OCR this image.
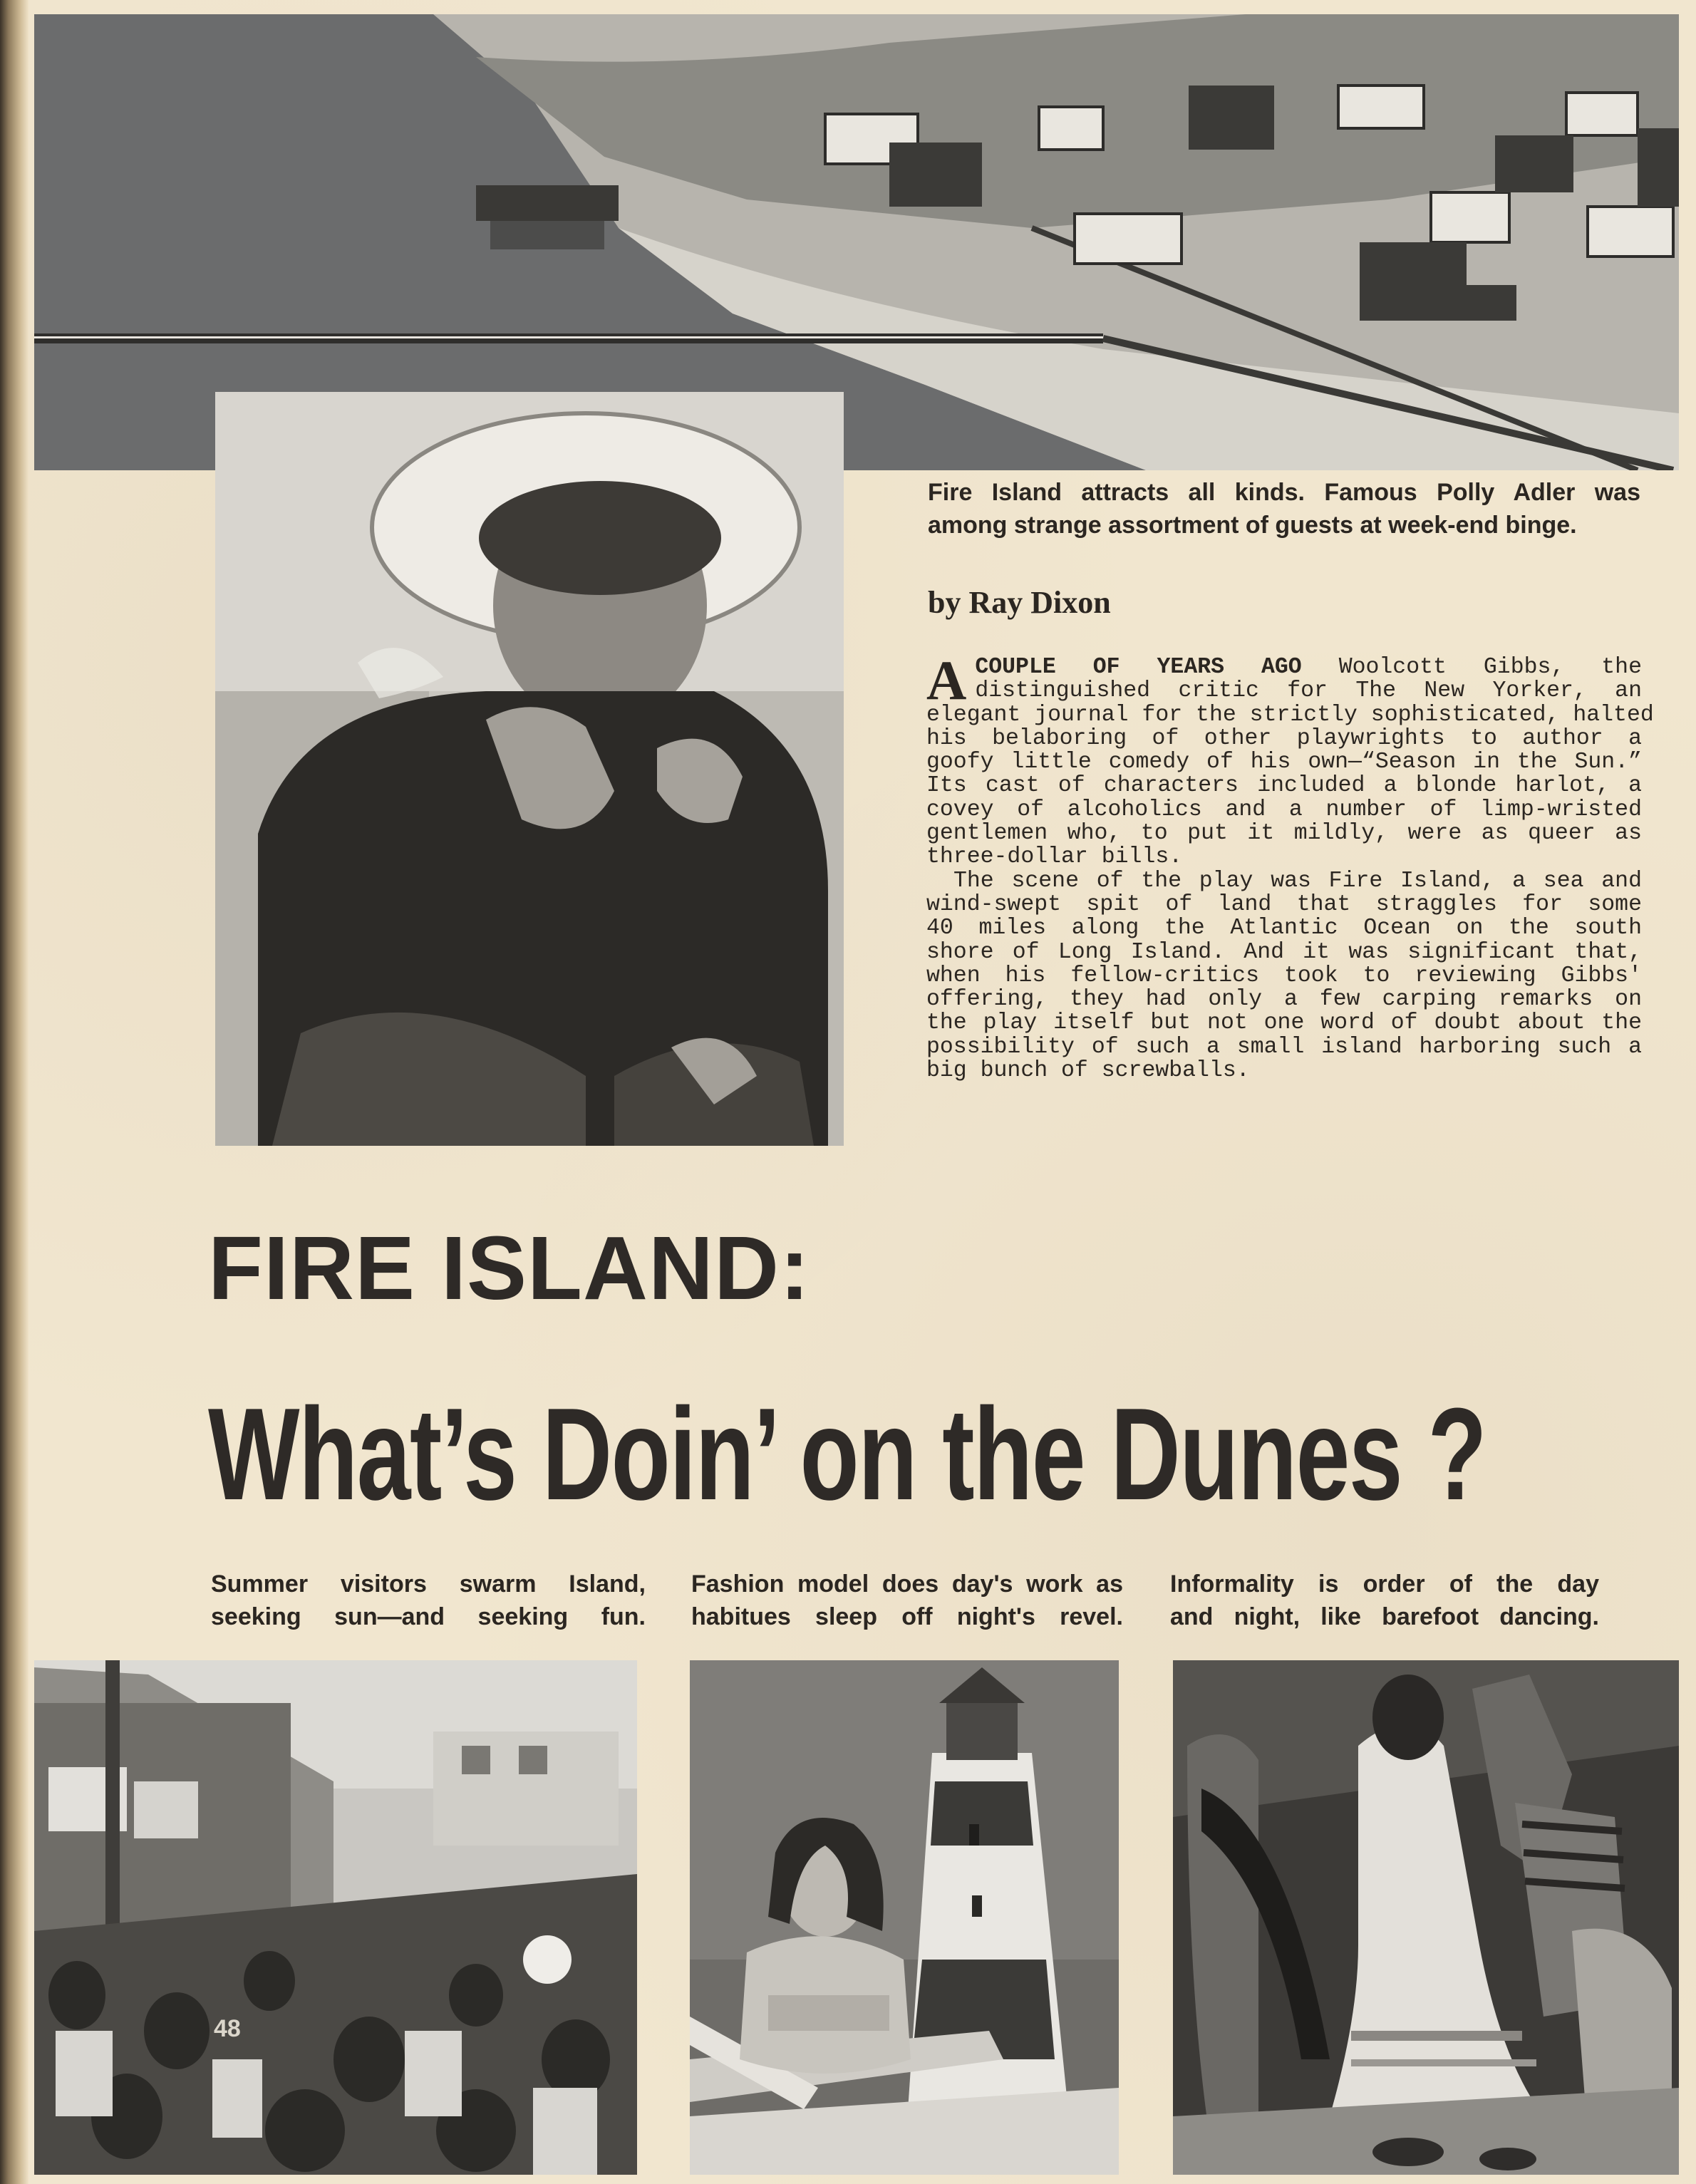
Fire Island attracts all kinds. Famous Polly Adler was
among strange assortment of guests at week-end binge.
by Ray Dixon
A COUPLE OF YEARS AGO Woolcott Gibbs, the
distinguished critic for The New Yorker, an
elegant journal for the strictly sophisticated, halted
his belaboring of other playwrights to author a
goofy little comedy of his own—“Season in the Sun.”
Its cast of characters included a blonde harlot, a
covey of alcoholics and a number of limp-wristed
gentlemen who, to put it mildly, were as queer as
three-dollar bills.
The scene of the play was Fire Island, a sea and
wind-swept spit of land that straggles for some
40 miles along the Atlantic Ocean on the south
shore of Long Island. And it was significant that,
when his fellow-critics took to reviewing Gibbs'
offering, they had only a few carping remarks on
the play itself but not one word of doubt about the
possibility of such a small island harboring such a
big bunch of screwballs.
FIRE ISLAND:
What’s Doin’ on the Dunes ?
Summer visitors swarm Island,
seeking sun—and seeking fun.
Fashion model does day's work as
habitues sleep off night's revel.
Informality is order of the day
and night, like barefoot dancing.
48
